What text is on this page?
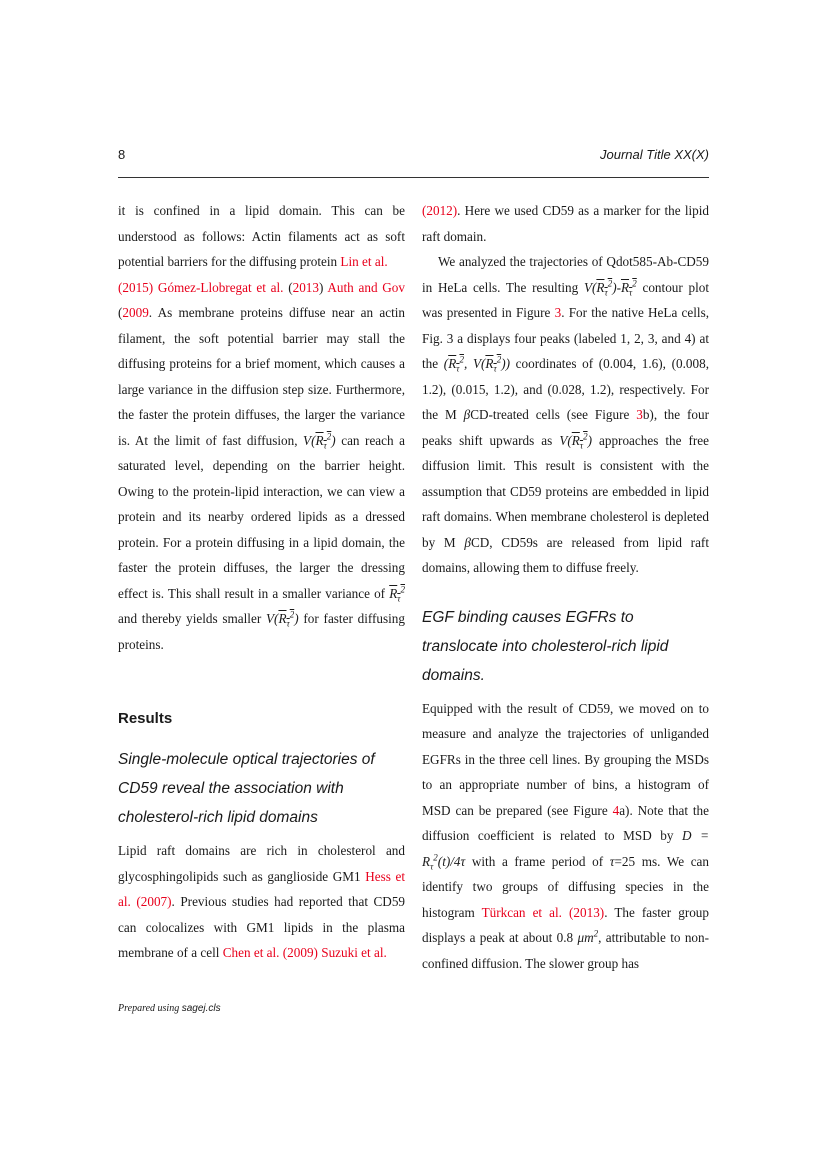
8	Journal Title XX(X)

it is confined in a lipid domain. This can be understood as follows: Actin filaments act as soft potential barriers for the diffusing protein Lin et al.
(2015) Gómez-Llobregat et al. (2013) Auth and Gov (2009. As membrane proteins diffuse near an actin filament, the soft potential barrier may stall the diffusing proteins for a brief moment, which causes a large variance in the diffusion step size. Furthermore, the faster the protein diffuses, the larger the variance is. At the limit of fast diffusion, $V(R_\tau^2)$ can reach a saturated level, depending on the barrier height. Owing to the protein-lipid interaction, we can view a protein and its nearby ordered lipids as a dressed protein. For a protein diffusing in a lipid domain, the faster the protein diffuses, the larger the dressing effect is. This shall result in a smaller variance of $R_\tau^2$ and thereby yields smaller $V(R_\tau^2)$ for faster diffusing proteins.

Results
Single-molecule optical trajectories of CD59 reveal the association with cholesterol-rich lipid domains

Lipid raft domains are rich in cholesterol and glycosphingolipids such as ganglioside GM1 Hess et al. (2007). Previous studies had reported that CD59 can colocalizes with GM1 lipids in the plasma membrane of a cell Chen et al. (2009) Suzuki et al.

(2012). Here we used CD59 as a marker for the lipid raft domain.

We analyzed the trajectories of Qdot585-Ab-CD59 in HeLa cells. The resulting $V(R_\tau^2)-R_\tau^2$ contour plot was presented in Figure 3. For the native HeLa cells, Fig. 3 a displays four peaks (labeled 1, 2, 3, and 4) at the ($R_\tau^2$, $V(R_\tau^2)$) coordinates of (0.004, 1.6), (0.008, 1.2), (0.015, 1.2), and (0.028, 1.2), respectively. For the M βCD-treated cells (see Figure 3b), the four peaks shift upwards as $V(R_\tau^2)$ approaches the free diffusion limit. This result is consistent with the assumption that CD59 proteins are embedded in lipid raft domains. When membrane cholesterol is depleted by M βCD, CD59s are released from lipid raft domains, allowing them to diffuse freely.

EGF binding causes EGFRs to translocate into cholesterol-rich lipid domains.

Equipped with the result of CD59, we moved on to measure and analyze the trajectories of unliganded EGFRs in the three cell lines. By grouping the MSDs to an appropriate number of bins, a histogram of MSD can be prepared (see Figure 4a). Note that the diffusion coefficient is related to MSD by $D = R_\tau^2(t)/4\tau$ with a frame period of τ=25 ms. We can identify two groups of diffusing species in the histogram Türkcan et al. (2013). The faster group displays a peak at about 0.8 $\mu m^2$, attributable to non-confined diffusion. The slower group has

Prepared using sagej.cls
